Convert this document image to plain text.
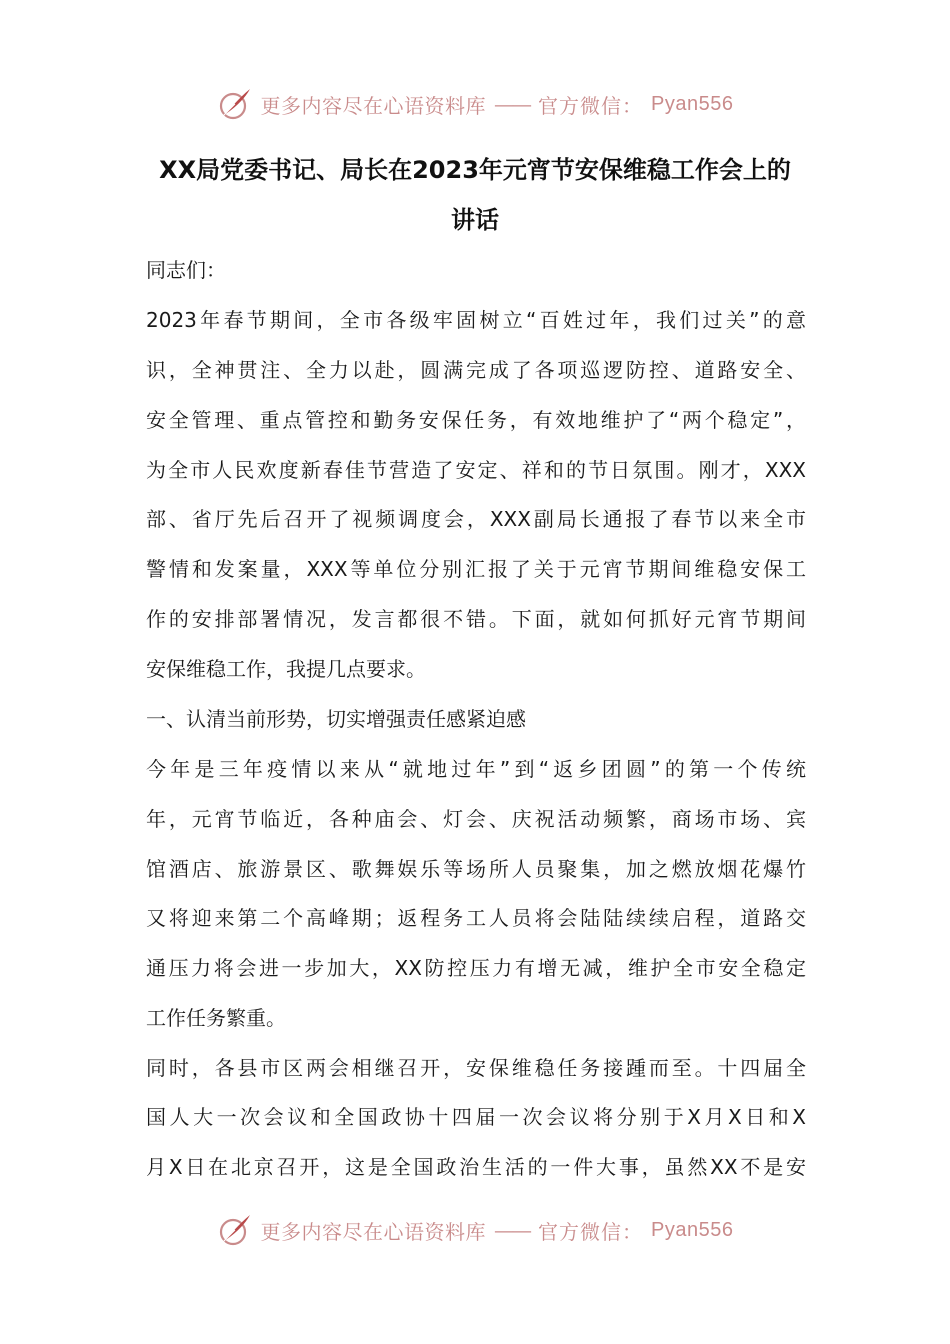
更多内容尽在心语资料库 —— 官方微信： Pyan556
XX局党委书记、局长在2023年元宵节安保维稳工作会上的
讲话
同志们：
2023年春节期间，全市各级牢固树立“百姓过年，我们过关”的意
识，全神贯注、全力以赴，圆满完成了各项巡逻防控、道路安全、
安全管理、重点管控和勤务安保任务，有效地维护了“两个稳定”，
为全市人民欢度新春佳节营造了安定、祥和的节日氛围。刚才，XXX
部、省厅先后召开了视频调度会，XXX副局长通报了春节以来全市
警情和发案量，XXX等单位分别汇报了关于元宵节期间维稳安保工
作的安排部署情况，发言都很不错。下面，就如何抓好元宵节期间
安保维稳工作，我提几点要求。
一、认清当前形势，切实增强责任感紧迫感
今年是三年疫情以来从“就地过年”到“返乡团圆”的第一个传统
年，元宵节临近，各种庙会、灯会、庆祝活动频繁，商场市场、宾
馆酒店、旅游景区、歌舞娱乐等场所人员聚集，加之燃放烟花爆竹
又将迎来第二个高峰期；返程务工人员将会陆陆续续启程，道路交
通压力将会进一步加大，XX防控压力有增无减，维护全市安全稳定
工作任务繁重。
同时，各县市区两会相继召开，安保维稳任务接踵而至。十四届全
国人大一次会议和全国政协十四届一次会议将分别于X月X日和X
月X日在北京召开，这是全国政治生活的一件大事，虽然XX不是安
更多内容尽在心语资料库 —— 官方微信： Pyan556
